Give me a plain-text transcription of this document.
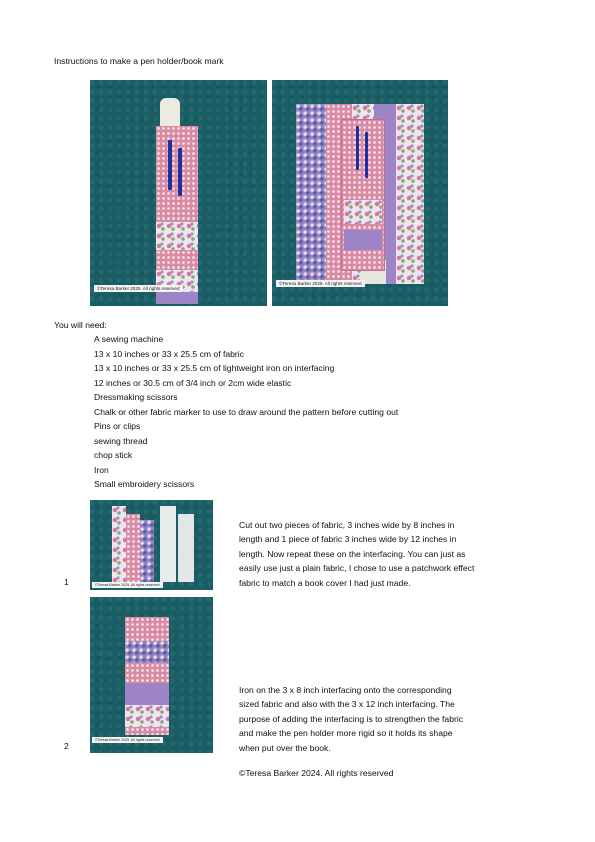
Instructions to make a pen holder/book mark
©Teresa Barker 2025. All rights reserved
©Teresa Barker 2025. All rights reserved
You will need:
A sewing machine
13 x 10 inches or 33 x 25.5 cm of fabric
13 x 10 inches or 33 x 25.5 cm of lightweight iron on interfacing
12 inches or 30.5 cm of 3/4 inch or 2cm wide elastic
Dressmaking scissors
Chalk or other fabric marker to use to draw around the pattern before cutting out
Pins or clips
sewing thread
chop stick
Iron
Small embroidery scissors
©Teresa Barker 2025. All rights reserved
1
Cut out two pieces of fabric, 3 inches wide by 8 inches in
length and 1 piece of fabric 3 inches wide by 12 inches in
length. Now repeat these on the interfacing. You can just as
easily use just a plain fabric, I chose to use a patchwork effect
fabric to match a book cover I had just made.
©Teresa Barker 2025. All rights reserved
2
Iron on the 3 x 8 inch interfacing onto the corresponding
sized fabric and also with the 3 x 12 inch interfacing. The
purpose of adding the interfacing is to strengthen the fabric
and make the pen holder more rigid so it holds its shape
when put over the book.
©Teresa Barker 2024. All rights reserved
